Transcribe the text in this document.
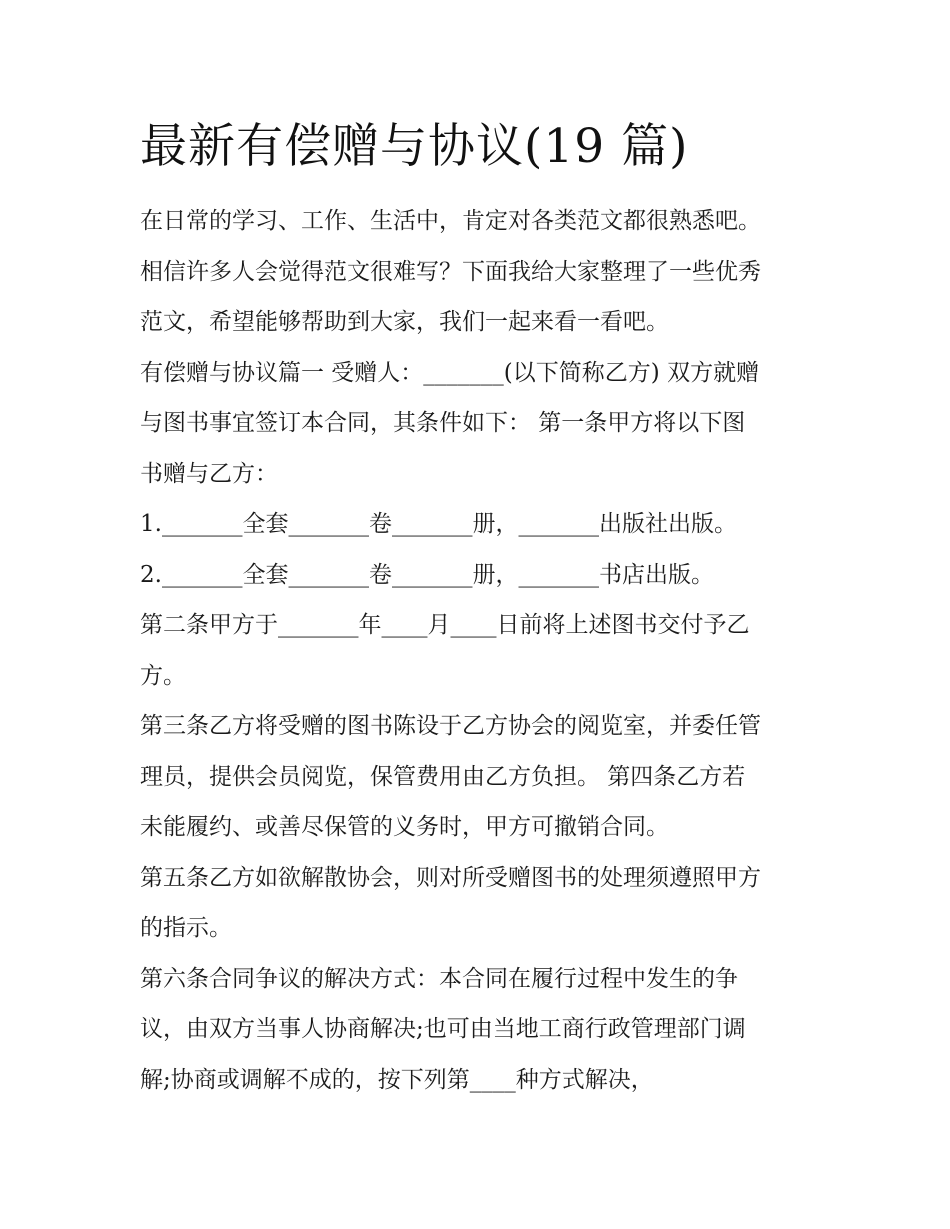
最新有偿赠与协议(19 篇)

在日常的学习、工作、生活中，肯定对各类范文都很熟悉吧。
相信许多人会觉得范文很难写？下面我给大家整理了一些优秀
范文，希望能够帮助到大家，我们一起来看一看吧。

有偿赠与协议篇一 受赠人：_______(以下简称乙方) 双方就赠
与图书事宜签订本合同，其条件如下： 第一条甲方将以下图
书赠与乙方：

1._______全套_______卷_______册，_______出版社出版。

2._______全套_______卷_______册，_______书店出版。

第二条甲方于_______年____月____日前将上述图书交付予乙
方。

第三条乙方将受赠的图书陈设于乙方协会的阅览室，并委任管
理员，提供会员阅览，保管费用由乙方负担。 第四条乙方若
未能履约、或善尽保管的义务时，甲方可撤销合同。

第五条乙方如欲解散协会，则对所受赠图书的处理须遵照甲方
的指示。

第六条合同争议的解决方式：本合同在履行过程中发生的争
议，由双方当事人协商解决;也可由当地工商行政管理部门调
解;协商或调解不成的，按下列第____种方式解决，
